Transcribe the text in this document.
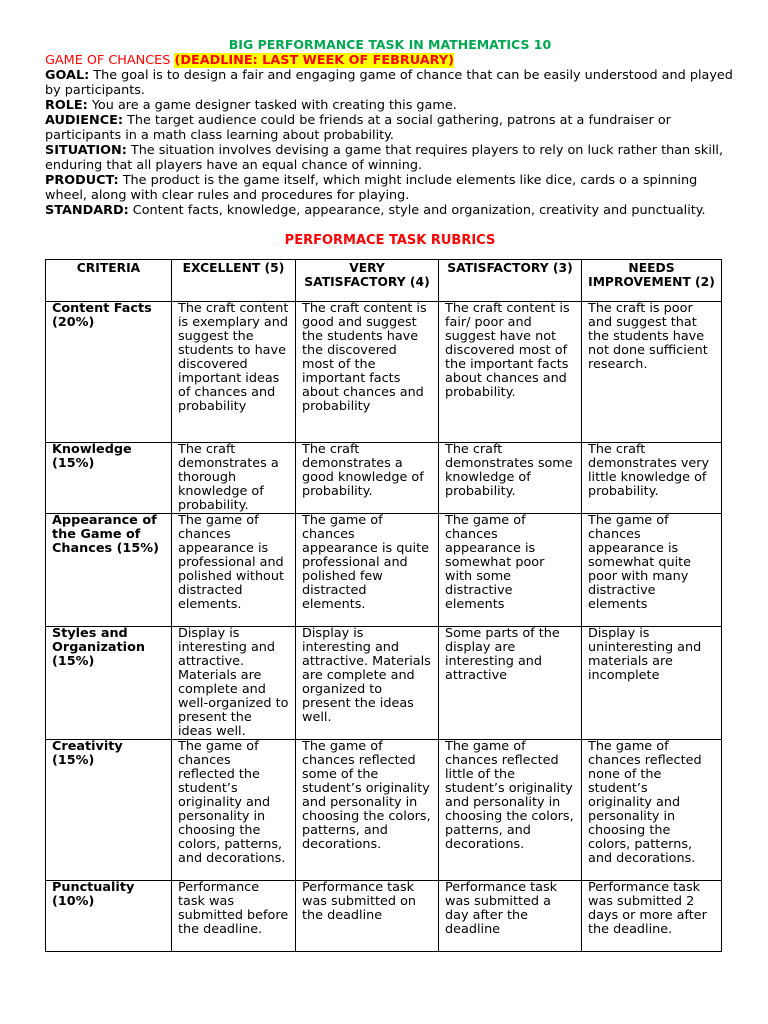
BIG PERFORMANCE TASK IN MATHEMATICS 10

GAME OF CHANCES (DEADLINE: LAST WEEK OF FEBRUARY)

GOAL: The goal is to design a fair and engaging game of chance that can be easily understood and played by participants.

ROLE: You are a game designer tasked with creating this game.

AUDIENCE: The target audience could be friends at a social gathering, patrons at a fundraiser or participants in a math class learning about probability.

SITUATION: The situation involves devising a game that requires players to rely on luck rather than skill, enduring that all players have an equal chance of winning.

PRODUCT: The product is the game itself, which might include elements like dice, cards o a spinning wheel, along with clear rules and procedures for playing.

STANDARD: Content facts, knowledge, appearance, style and organization, creativity and punctuality.

PERFORMACE TASK RUBRICS

CRITERIA	EXCELLENT (5)	VERY SATISFACTORY (4)	SATISFACTORY (3)	NEEDS IMPROVEMENT (2)
Content Facts (20%)	The craft content is exemplary and suggest the students to have discovered important ideas of chances and probability	The craft content is good and suggest the students have the discovered most of the important facts about chances and probability	The craft content is fair/ poor and suggest have not discovered most of the important facts about chances and probability.	The craft is poor and suggest that the students have not done sufficient research.
Knowledge (15%)	The craft demonstrates a thorough knowledge of probability.	The craft demonstrates a good knowledge of probability.	The craft demonstrates some knowledge of probability.	The craft demonstrates very little knowledge of probability.
Appearance of the Game of Chances (15%)	The game of chances appearance is professional and polished without distracted elements.	The game of chances appearance is quite professional and polished few distracted elements.	The game of chances appearance is somewhat poor with some distractive elements	The game of chances appearance is somewhat quite poor with many distractive elements
Styles and Organization (15%)	Display is interesting and attractive. Materials are complete and well-organized to present the ideas well.	Display is interesting and attractive. Materials are complete and organized to present the ideas well.	Some parts of the display are interesting and attractive	Display is uninteresting and materials are incomplete
Creativity (15%)	The game of chances reflected the student’s originality and personality in choosing the colors, patterns, and decorations.	The game of chances reflected some of the student’s originality and personality in choosing the colors, patterns, and decorations.	The game of chances reflected little of the student’s originality and personality in choosing the colors, patterns, and decorations.	The game of chances reflected none of the student’s originality and personality in choosing the colors, patterns, and decorations.
Punctuality (10%)	Performance task was submitted before the deadline.	Performance task was submitted on the deadline	Performance task was submitted a day after the deadline	Performance task was submitted 2 days or more after the deadline.
